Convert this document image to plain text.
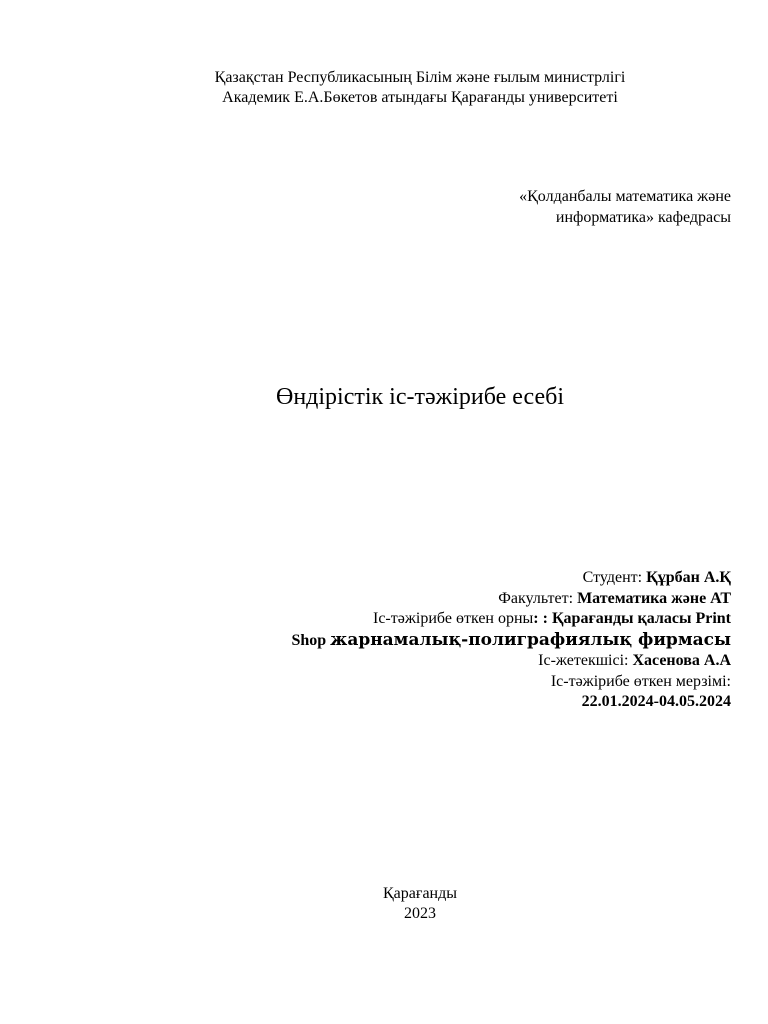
Қазақстан Республикасының Білім және ғылым министрлігі
Академик Е.А.Бөкетов атындағы Қарағанды университеті
«Қолданбалы математика және
информатика» кафедрасы
Өндірістік іс-тәжірибе есебі
Студент: Құрбан А.Қ
Факультет: Математика және АТ
Іс-тәжірибе өткен орны: : Қарағанды қаласы Print
Shop жарнамалық-полиграфиялық фирмасы
Іс-жетекшісі: Хасенова А.А
Іс-тәжірибе өткен мерзімі:
22.01.2024-04.05.2024
Қарағанды
2023
